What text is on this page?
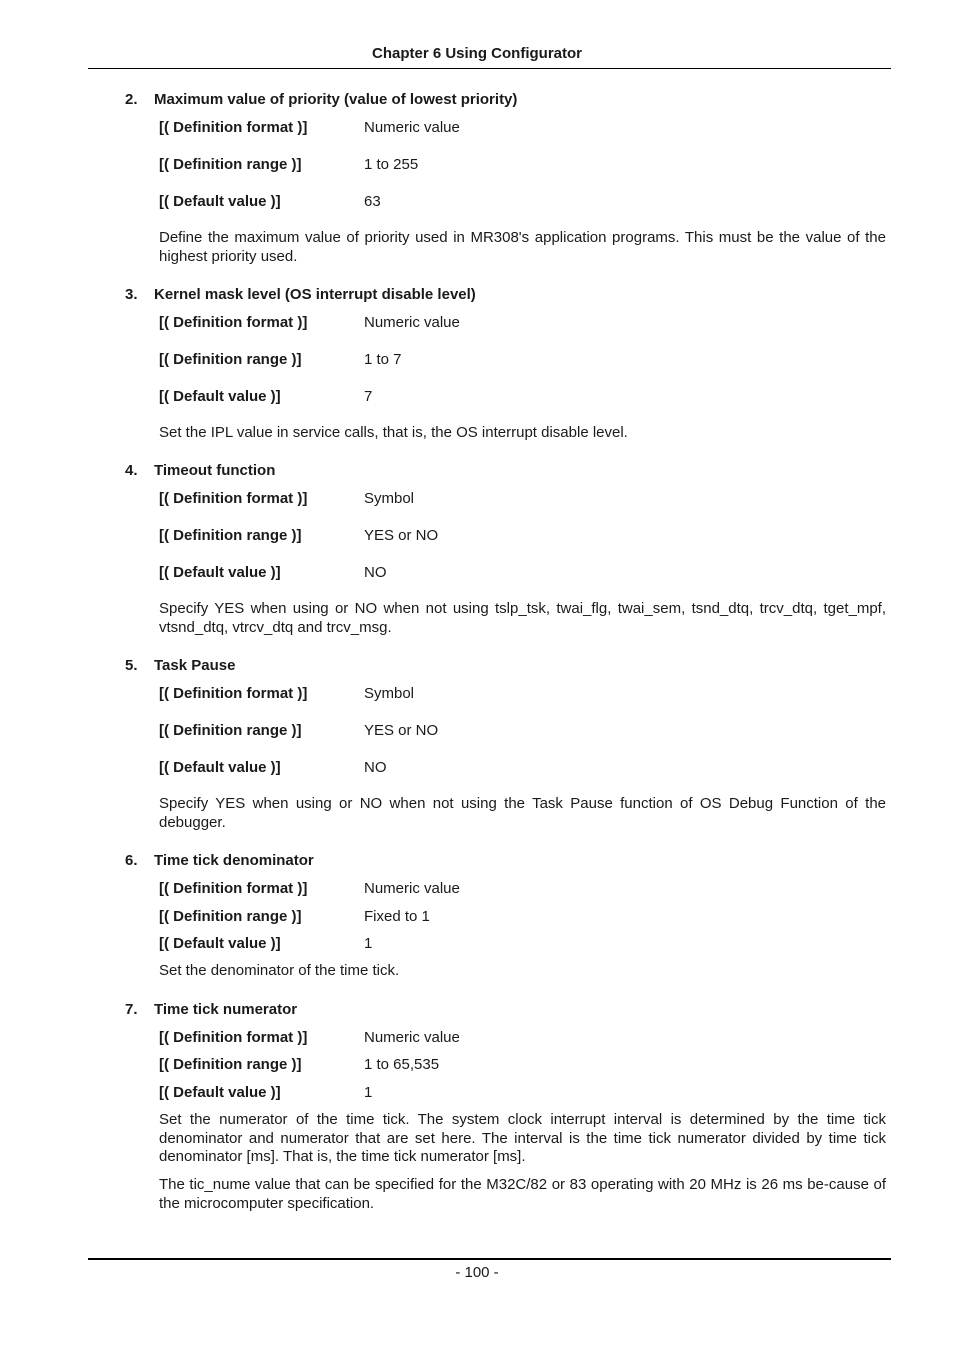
Chapter 6 Using Configurator
2. Maximum value of priority (value of lowest priority)
[( Definition format )]	Numeric value
[( Definition range )]	1 to 255
[( Default value )]	63

Define the maximum value of priority used in MR308's application programs. This must be the value of the highest priority used.

3. Kernel mask level (OS interrupt disable level)
[( Definition format )]	Numeric value
[( Definition range )]	1 to 7
[( Default value )]	7

Set the IPL value in service calls, that is, the OS interrupt disable level.

4. Timeout function
[( Definition format )]	Symbol
[( Definition range )]	YES or NO
[( Default value )]	NO

Specify YES when using or NO when not using tslp_tsk, twai_flg, twai_sem, tsnd_dtq, trcv_dtq, tget_mpf, vtsnd_dtq, vtrcv_dtq and trcv_msg.

5. Task Pause
[( Definition format )]	Symbol
[( Definition range )]	YES or NO
[( Default value )]	NO

Specify YES when using or NO when not using the Task Pause function of OS Debug Function of the debugger.

6. Time tick denominator
[( Definition format )]	Numeric value
[( Definition range )]	Fixed to 1
[( Default value )]	1

Set the denominator of the time tick.

7. Time tick numerator
[( Definition format )]	Numeric value
[( Definition range )]	1 to 65,535
[( Default value )]	1

Set the numerator of the time tick. The system clock interrupt interval is determined by the time tick denominator and numerator that are set here. The interval is the time tick numerator divided by time tick denominator [ms]. That is, the time tick numerator [ms].

The tic_nume value that can be specified for the M32C/82 or 83 operating with 20 MHz is 26 ms be-cause of the microcomputer specification.

- 100 -
